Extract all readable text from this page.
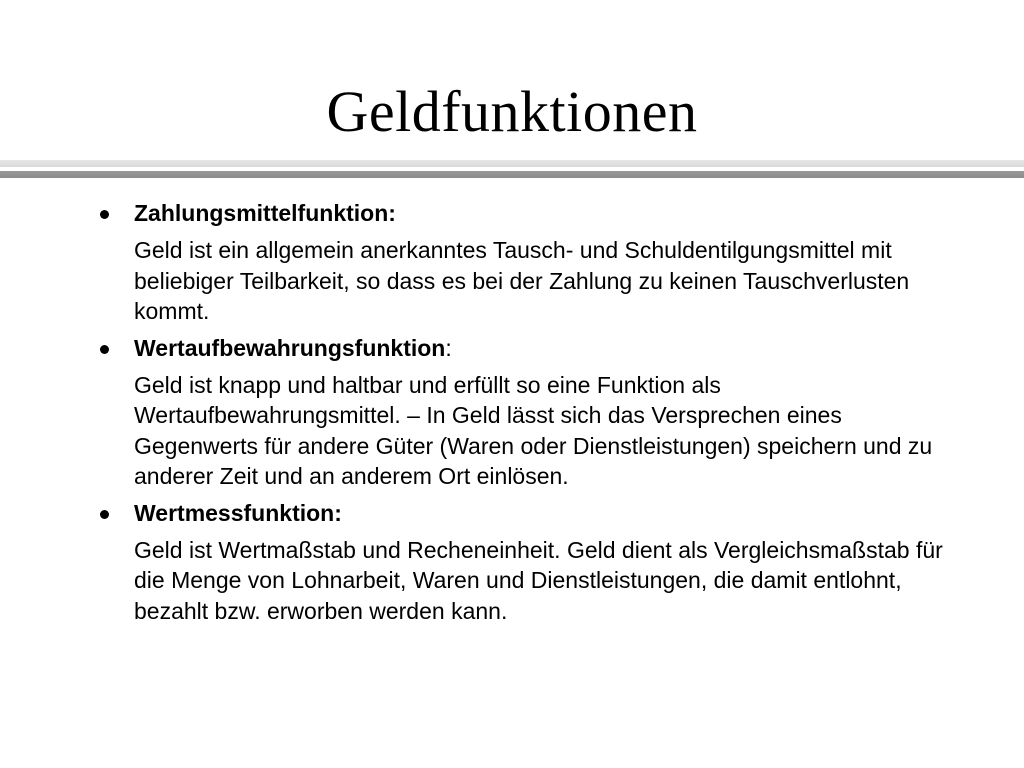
Geldfunktionen
Zahlungsmittelfunktion:
Geld ist ein allgemein anerkanntes Tausch- und Schuldentilgungsmittel mit beliebiger Teilbarkeit, so dass es bei der Zahlung zu keinen Tauschverlusten kommt.
Wertaufbewahrungsfunktion:
Geld ist knapp und haltbar und erfüllt so eine Funktion als Wertaufbewahrungsmittel. – In Geld lässt sich das Versprechen eines Gegenwerts für andere Güter (Waren oder Dienstleistungen) speichern und zu anderer Zeit und an anderem Ort einlösen.
Wertmessfunktion:
Geld ist Wertmaßstab und Recheneinheit. Geld dient als Vergleichsmaßstab für die Menge von Lohnarbeit, Waren und Dienstleistungen, die damit entlohnt, bezahlt bzw. erworben werden kann.
